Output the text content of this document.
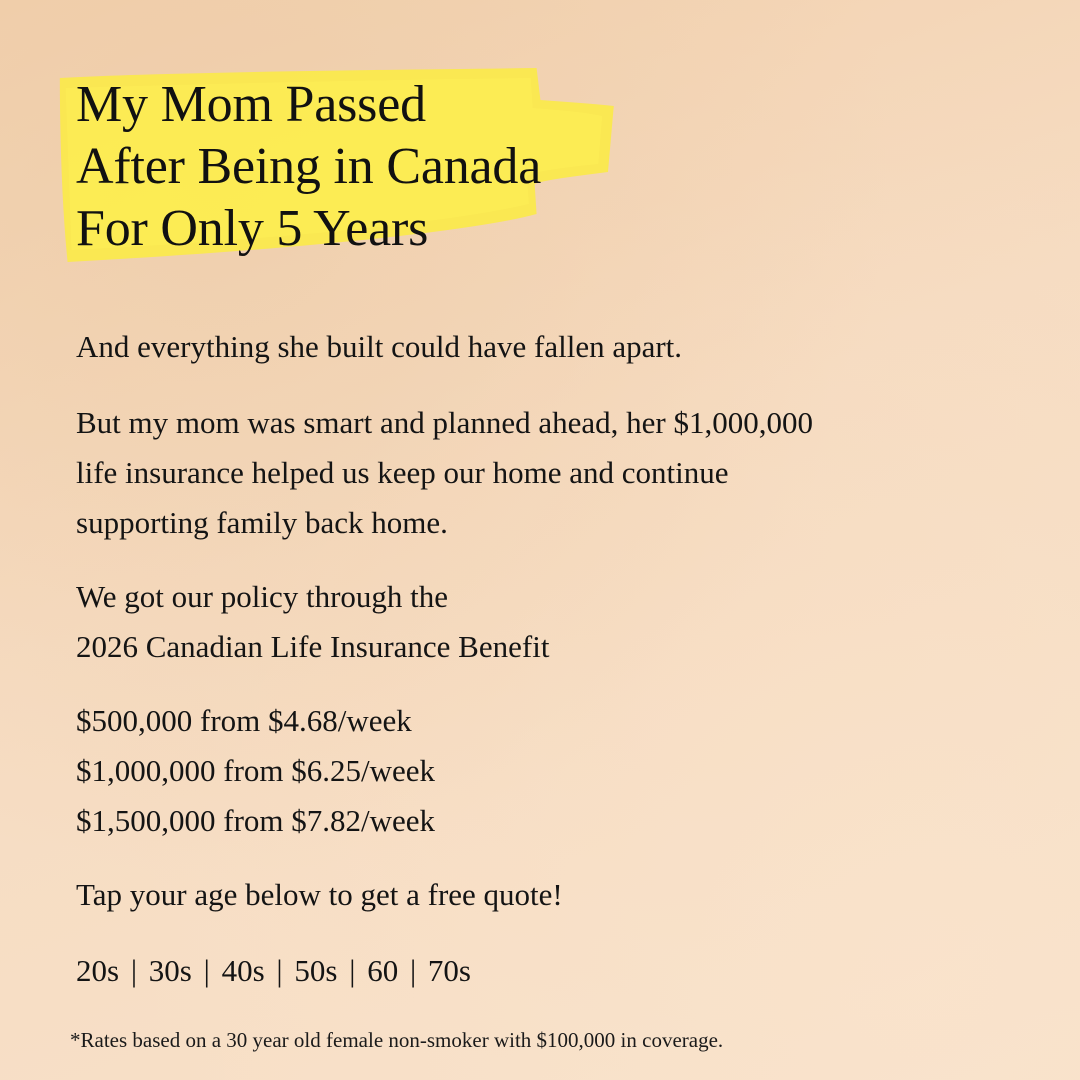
My Mom Passed
After Being in Canada
For Only 5 Years

And everything she built could have fallen apart.

But my mom was smart and planned ahead, her $1,000,000
life insurance helped us keep our home and continue
supporting family back home.

We got our policy through the
2026 Canadian Life Insurance Benefit

$500,000 from $4.68/week
$1,000,000 from $6.25/week
$1,500,000 from $7.82/week

Tap your age below to get a free quote!

20s | 30s | 40s | 50s | 60 | 70s
*Rates based on a 30 year old female non-smoker with $100,000 in coverage.
